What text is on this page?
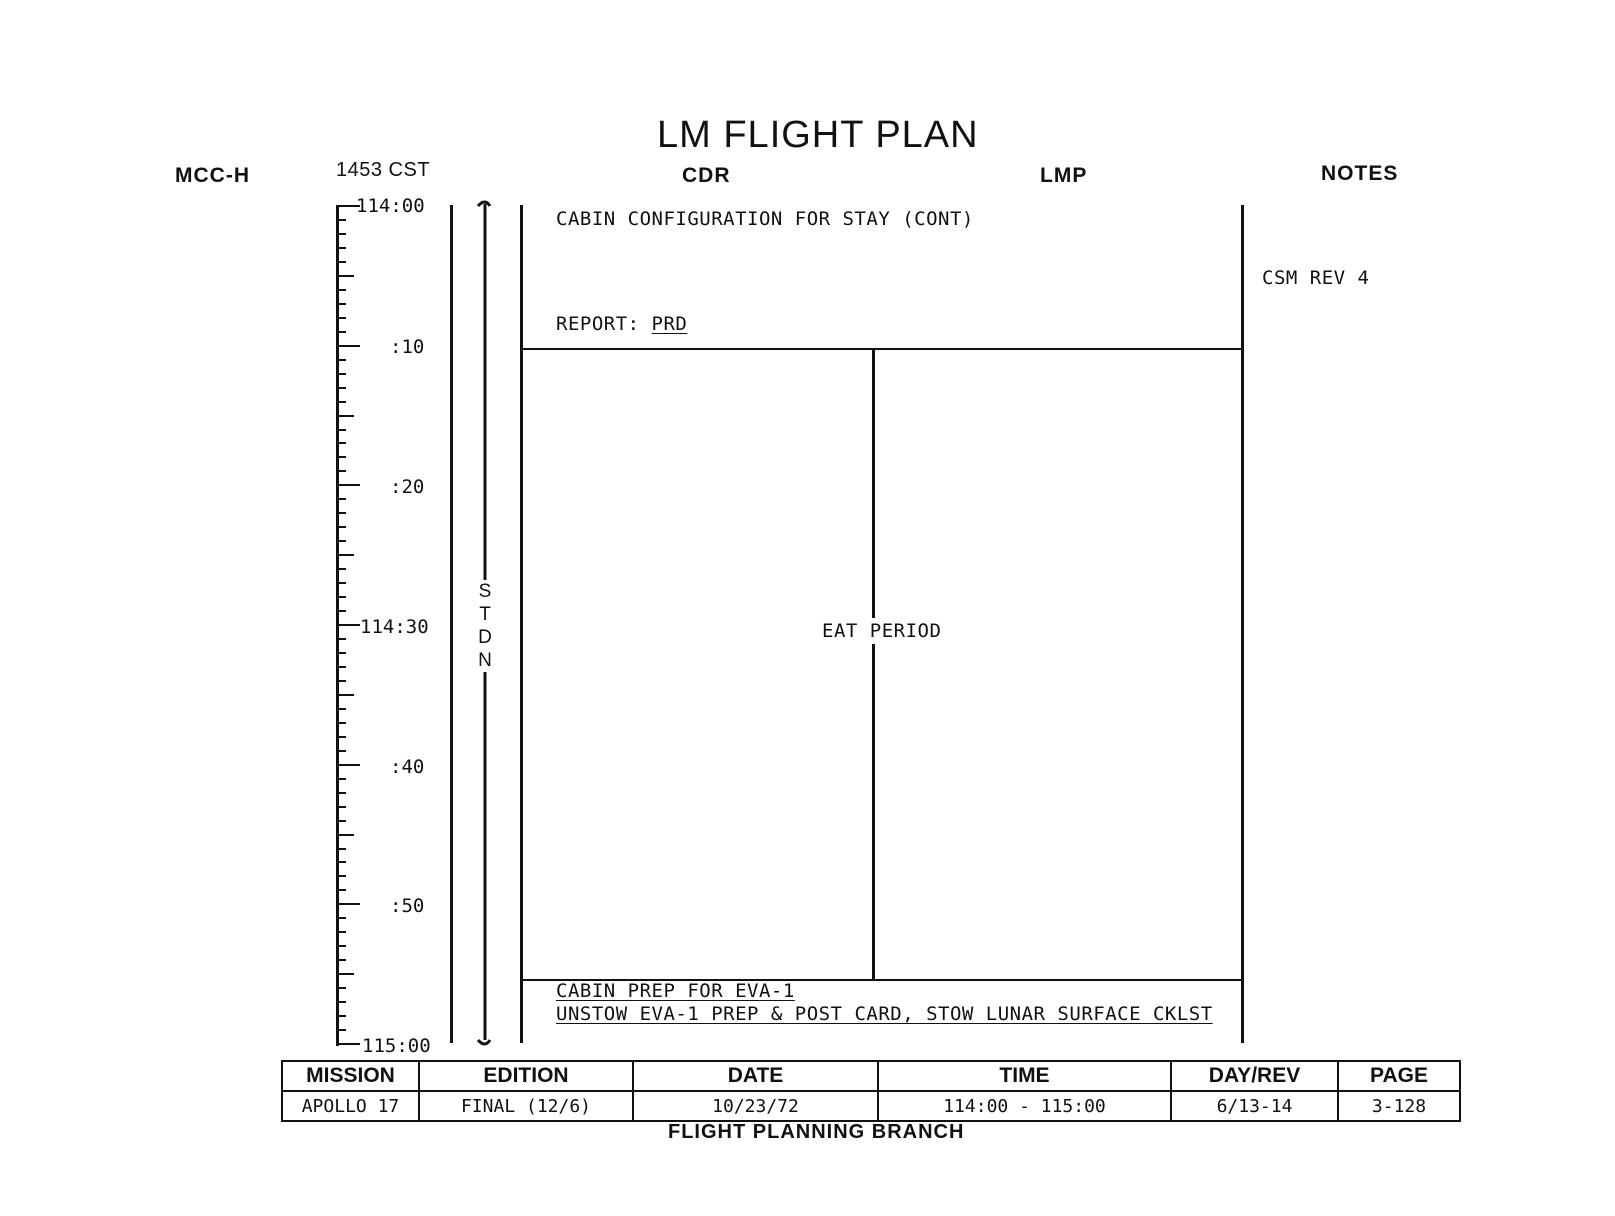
LM FLIGHT PLAN
MCC-H	1453 CST	CDR	LMP	NOTES
114:00
:10
:20
114:30
:40
:50
115:00
S
T
D
N
CABIN CONFIGURATION FOR STAY (CONT)
REPORT: PRD
EAT PERIOD
CABIN PREP FOR EVA-1
UNSTOW EVA-1 PREP & POST CARD, STOW LUNAR SURFACE CKLST
CSM REV 4
MISSION	EDITION	DATE	TIME	DAY/REV	PAGE
APOLLO 17	FINAL (12/6)	10/23/72	114:00 - 115:00	6/13-14	3-128
FLIGHT PLANNING BRANCH
